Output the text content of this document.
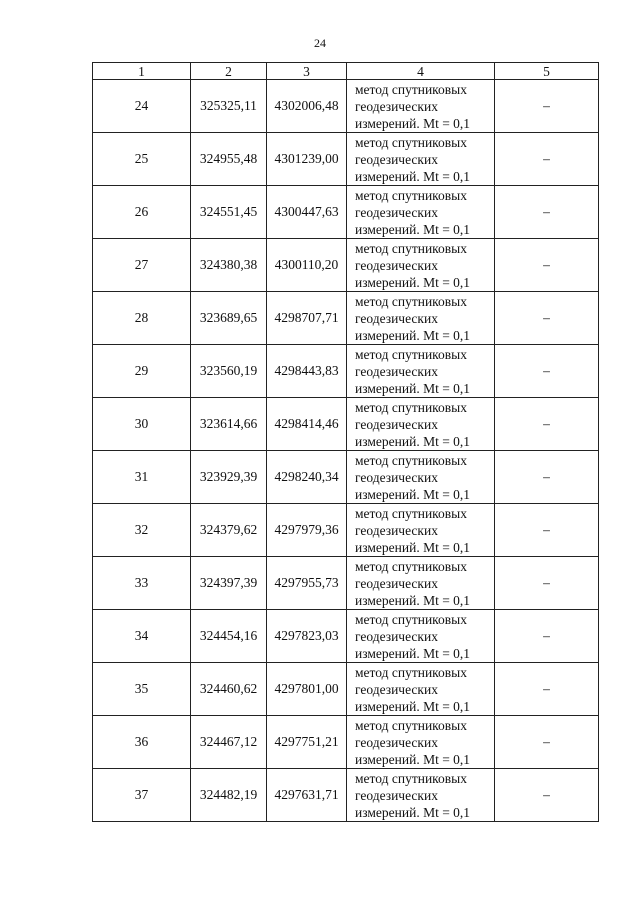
24
1	2	3	4	5
24	325325,11	4302006,48	метод спутниковых
геодезических
измерений. Mt = 0,1	–
25	324955,48	4301239,00	метод спутниковых
геодезических
измерений. Mt = 0,1	–
26	324551,45	4300447,63	метод спутниковых
геодезических
измерений. Mt = 0,1	–
27	324380,38	4300110,20	метод спутниковых
геодезических
измерений. Mt = 0,1	–
28	323689,65	4298707,71	метод спутниковых
геодезических
измерений. Mt = 0,1	–
29	323560,19	4298443,83	метод спутниковых
геодезических
измерений. Mt = 0,1	–
30	323614,66	4298414,46	метод спутниковых
геодезических
измерений. Mt = 0,1	–
31	323929,39	4298240,34	метод спутниковых
геодезических
измерений. Mt = 0,1	–
32	324379,62	4297979,36	метод спутниковых
геодезических
измерений. Mt = 0,1	–
33	324397,39	4297955,73	метод спутниковых
геодезических
измерений. Mt = 0,1	–
34	324454,16	4297823,03	метод спутниковых
геодезических
измерений. Mt = 0,1	–
35	324460,62	4297801,00	метод спутниковых
геодезических
измерений. Mt = 0,1	–
36	324467,12	4297751,21	метод спутниковых
геодезических
измерений. Mt = 0,1	–
37	324482,19	4297631,71	метод спутниковых
геодезических
измерений. Mt = 0,1	–
